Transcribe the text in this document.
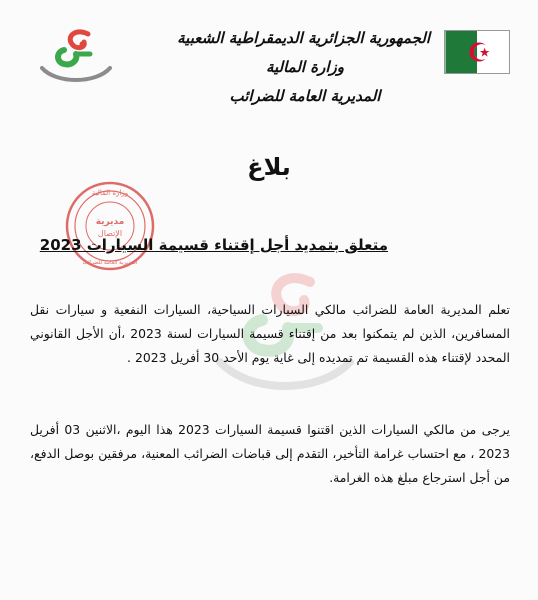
الجمهورية الجزائرية الديمقراطية الشعبية
وزارة المالية
المديرية العامة للضرائب
وزارة المالية
مديرية
الإتصال
المديرية العامة للضرائب
بلاغ
متعلق بتمديد أجل إقتناء قسيمة السيارات 2023
تعلم المديرية العامة للضرائب مالكي السيارات السياحية، السيارات النفعية و سيارات نقل المسافرين، الذين لم يتمكنوا بعد من إقتناء قسيمة السيارات لسنة 2023 ،أن الأجل القانوني المحدد لإقتناء هذه القسيمة تم تمديده إلى غاية يوم الأحد 30 أفريل 2023 .
يرجى من مالكي السيارات الذين اقتنوا قسيمة السيارات 2023 هذا اليوم ،الاثنين 03 أفريل 2023 ، مع احتساب غرامة التأخير، التقدم إلى قباضات الضرائب المعنية، مرفقين بوصل الدفع، من أجل استرجاع مبلغ هذه الغرامة.
